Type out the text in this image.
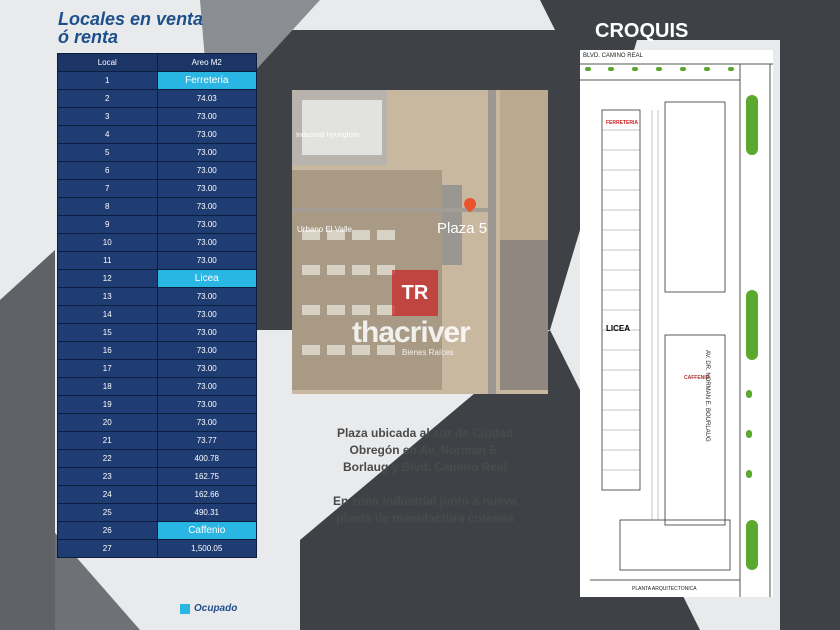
Locales en venta
ó renta
Local	Areo M2
1	Ferreteria
2	74.03
3	73.00
4	73.00
5	73.00
6	73.00
7	73.00
8	73.00
9	73.00
10	73.00
11	73.00
12	Licea
13	73.00
14	73.00
15	73.00
16	73.00
17	73.00
18	73.00
19	73.00
20	73.00
21	73.77
22	400.78
23	162.75
24	162.66
25	490.31
26	Caffenio
27	1,500.05
Ocupado
Industrial Hyunghsin
Urbano El Valle	Plaza 5
TR
thacriver
Bienes Raíces
Plaza ubicada al sur de Ciudad
Obregón en Av. Norman E.
Borlaug y Blvd. Camino Real

En zona industrial junto a nueva
planta de manufactura coreana
CROQUIS
BLVD. CAMINO REAL
FERRETERIA
LICEA
CAFFENIO
AV. DR. NORMAN E. BOURLAUG
PLANTA ARQUITECTONICA
